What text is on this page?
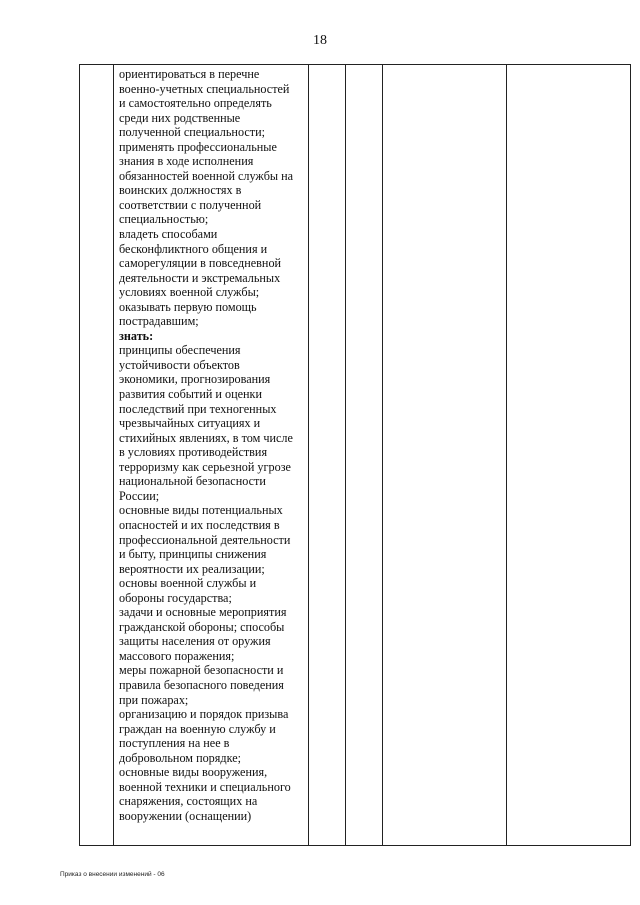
18

ориентироваться в перечне
военно-учетных специальностей
и самостоятельно определять
среди них родственные
полученной специальности;
применять профессиональные
знания в ходе исполнения
обязанностей военной службы на
воинских должностях в
соответствии с полученной
специальностью;
владеть способами
бесконфликтного общения и
саморегуляции в повседневной
деятельности и экстремальных
условиях военной службы;
оказывать первую помощь
пострадавшим;
знать:
принципы обеспечения
устойчивости объектов
экономики, прогнозирования
развития событий и оценки
последствий при техногенных
чрезвычайных ситуациях и
стихийных явлениях, в том числе
в условиях противодействия
терроризму как серьезной угрозе
национальной безопасности
России;
основные виды потенциальных
опасностей и их последствия в
профессиональной деятельности
и быту, принципы снижения
вероятности их реализации;
основы военной службы и
обороны государства;
задачи и основные мероприятия
гражданской обороны; способы
защиты населения от оружия
массового поражения;
меры пожарной безопасности и
правила безопасного поведения
при пожарах;
организацию и порядок призыва
граждан на военную службу и
поступления на нее в
добровольном порядке;
основные виды вооружения,
военной техники и специального
снаряжения, состоящих на
вооружении (оснащении)

Приказ о внесении изменений - 06
